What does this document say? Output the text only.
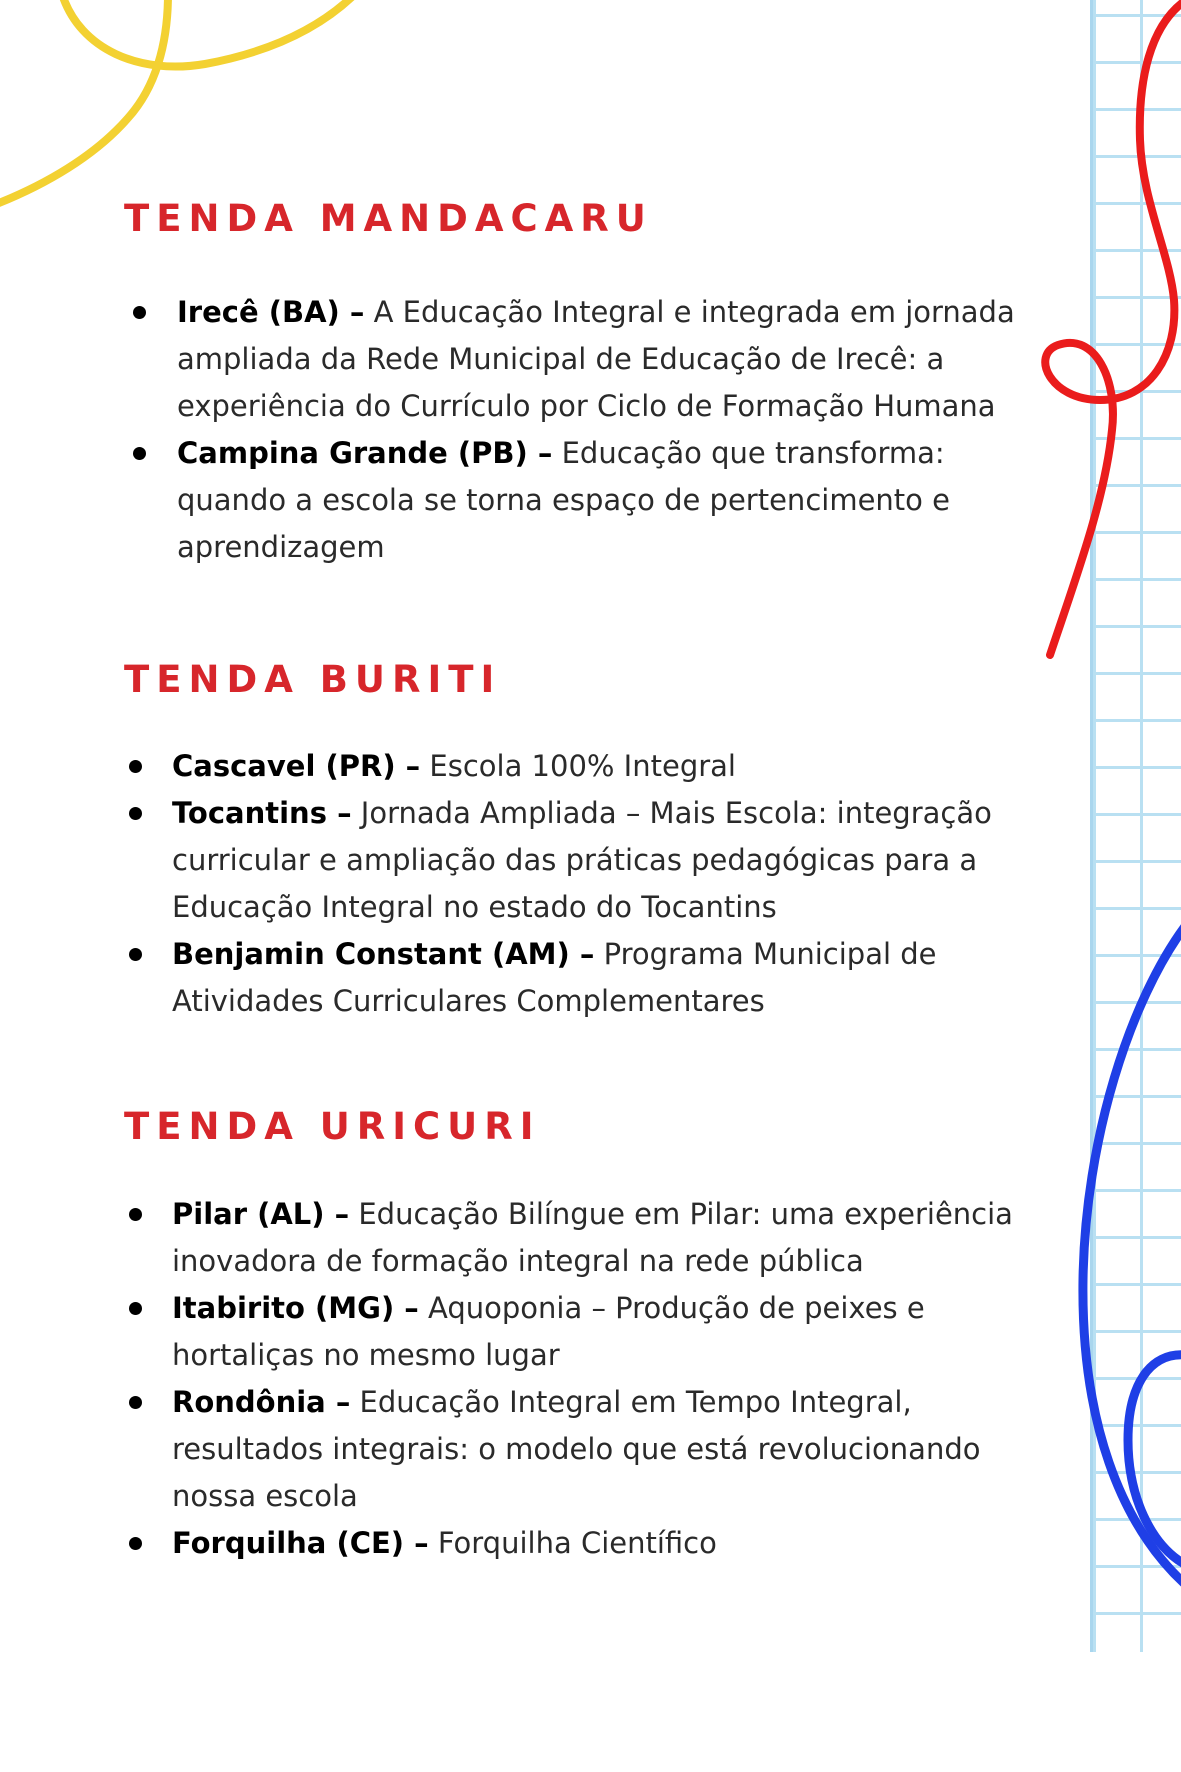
TENDA MANDACARU
Irecê (BA) – A Educação Integral e integrada em jornada ampliada da Rede Municipal de Educação de Irecê: a experiência do Currículo por Ciclo de Formação Humana
Campina Grande (PB) – Educação que transforma: quando a escola se torna espaço de pertencimento e aprendizagem
TENDA BURITI
Cascavel (PR) – Escola 100% Integral
Tocantins – Jornada Ampliada – Mais Escola: integração curricular e ampliação das práticas pedagógicas para a Educação Integral no estado do Tocantins
Benjamin Constant (AM) – Programa Municipal de Atividades Curriculares Complementares
TENDA URICURI
Pilar (AL) – Educação Bilíngue em Pilar: uma experiência inovadora de formação integral na rede pública
Itabirito (MG) – Aquoponia – Produção de peixes e hortaliças no mesmo lugar
Rondônia – Educação Integral em Tempo Integral, resultados integrais: o modelo que está revolucionando nossa escola
Forquilha (CE) – Forquilha Científico
